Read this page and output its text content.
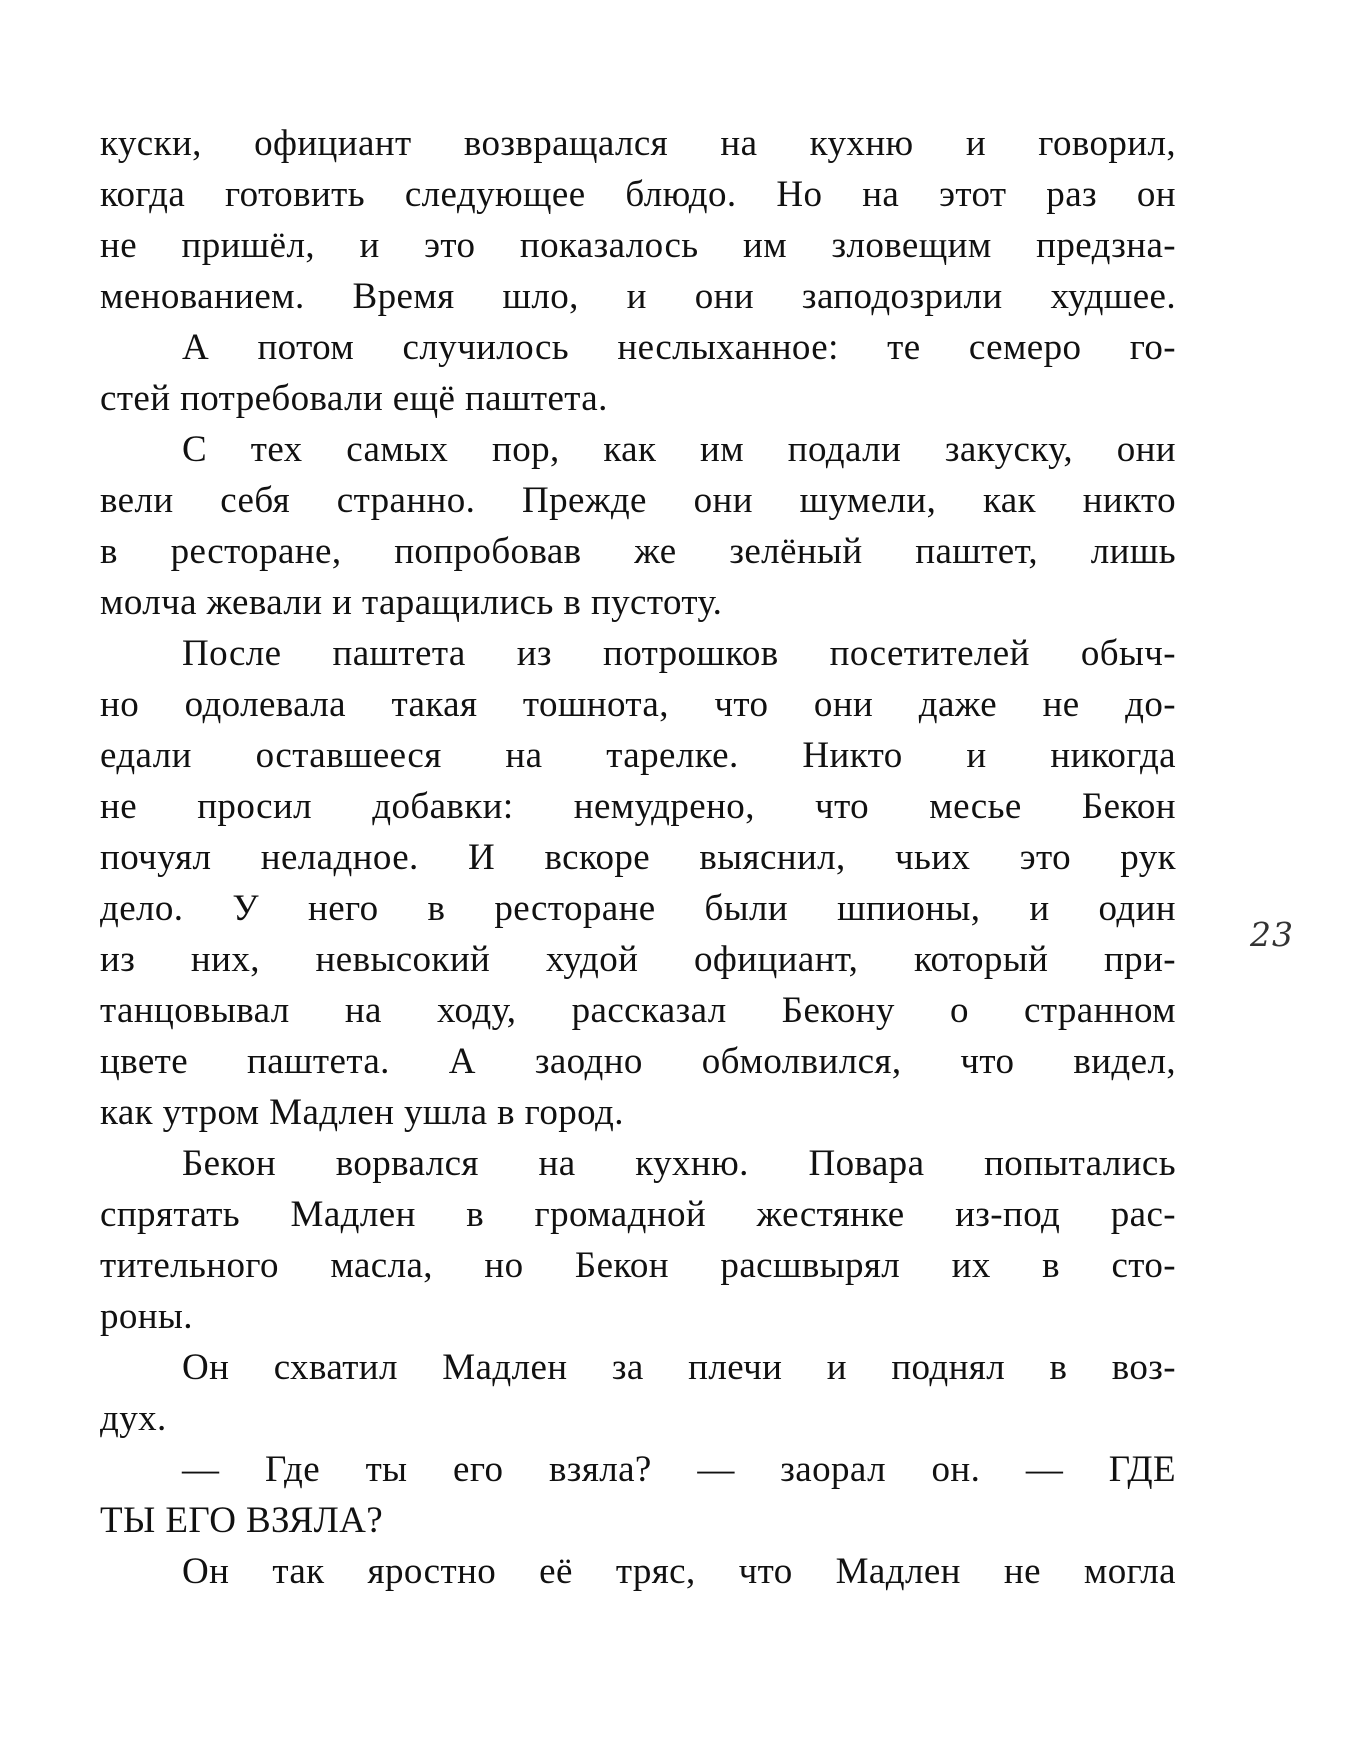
куски, официант возвращался на кухню и говорил,
когда готовить следующее блюдо. Но на этот раз он
не пришёл, и это показалось им зловещим предзна-
менованием. Время шло, и они заподозрили худшее.
А потом случилось неслыханное: те семеро го-
стей потребовали ещё паштета.
С тех самых пор, как им подали закуску, они
вели себя странно. Прежде они шумели, как никто
в ресторане, попробовав же зелёный паштет, лишь
молча жевали и таращились в пустоту.
После паштета из потрошков посетителей обыч-
но одолевала такая тошнота, что они даже не до-
едали оставшееся на тарелке. Никто и никогда
не просил добавки: немудрено, что месье Бекон
почуял неладное. И вскоре выяснил, чьих это рук
дело. У него в ресторане были шпионы, и один
из них, невысокий худой официант, который при-
танцовывал на ходу, рассказал Бекону о странном
цвете паштета. А заодно обмолвился, что видел,
как утром Мадлен ушла в город.
Бекон ворвался на кухню. Повара попытались
спрятать Мадлен в громадной жестянке из-под рас-
тительного масла, но Бекон расшвырял их в сто-
роны.
Он схватил Мадлен за плечи и поднял в воз-
дух.
— Где ты его взяла? — заорал он. — ГДЕ
ТЫ ЕГО ВЗЯЛА?
Он так яростно её тряс, что Мадлен не могла
23
